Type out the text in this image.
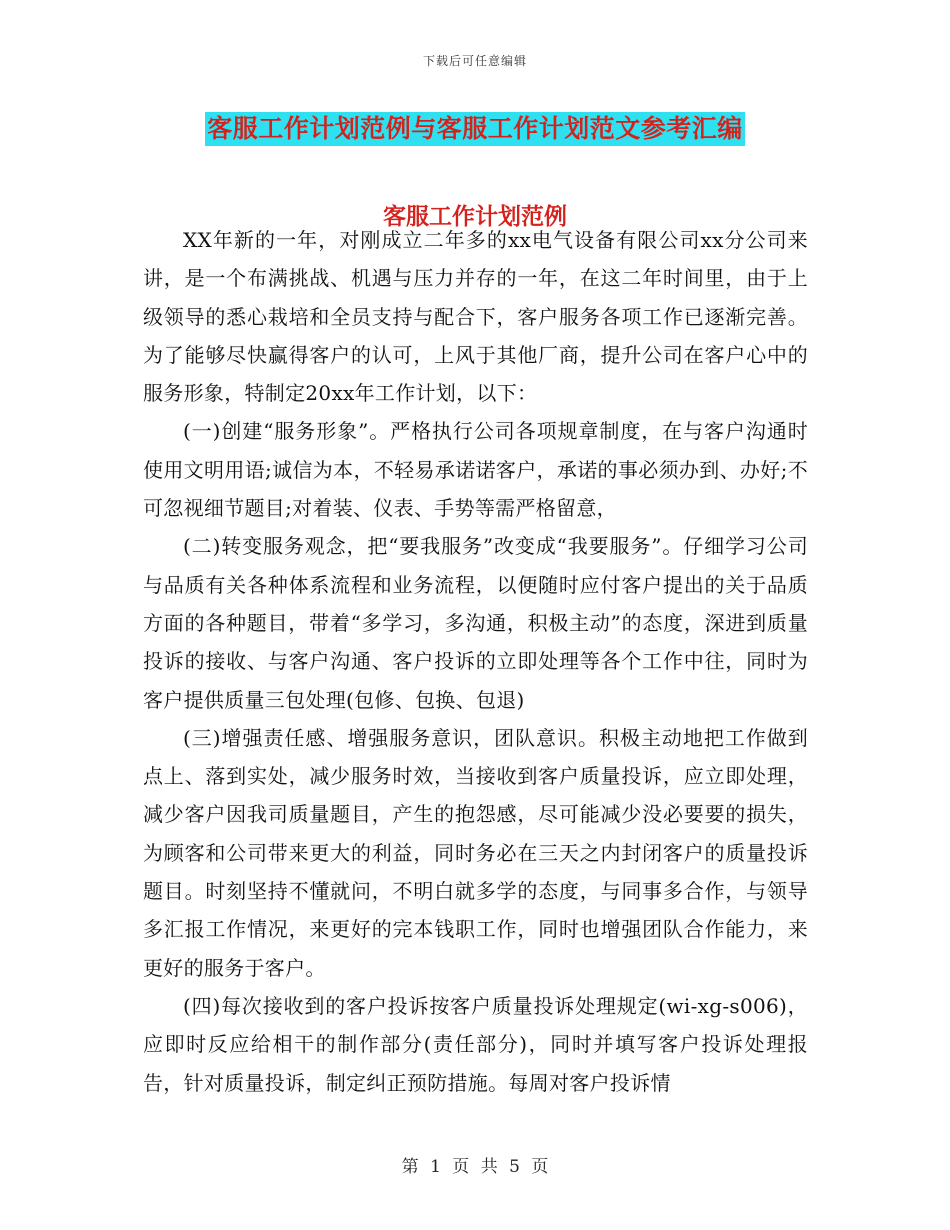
下载后可任意编辑
客服工作计划范例与客服工作计划范文参考汇编
客服工作计划范例

XX年新的一年，对刚成立二年多的xx电气设备有限公司xx分公司来讲，是一个布满挑战、机遇与压力并存的一年，在这二年时间里，由于上级领导的悉心栽培和全员支持与配合下，客户服务各项工作已逐渐完善。为了能够尽快赢得客户的认可，上风于其他厂商，提升公司在客户心中的服务形象，特制定20xx年工作计划，以下：

(一)创建“服务形象”。严格执行公司各项规章制度，在与客户沟通时使用文明用语;诚信为本，不轻易承诺诺客户，承诺的事必须办到、办好;不可忽视细节题目;对着装、仪表、手势等需严格留意，

(二)转变服务观念，把“要我服务”改变成“我要服务”。仔细学习公司与品质有关各种体系流程和业务流程，以便随时应付客户提出的关于品质方面的各种题目，带着“多学习，多沟通，积极主动”的态度，深进到质量投诉的接收、与客户沟通、客户投诉的立即处理等各个工作中往，同时为客户提供质量三包处理(包修、包换、包退)

(三)增强责任感、增强服务意识，团队意识。积极主动地把工作做到点上、落到实处，减少服务时效，当接收到客户质量投诉，应立即处理，减少客户因我司质量题目，产生的抱怨感，尽可能减少没必要要的损失，为顾客和公司带来更大的利益，同时务必在三天之内封闭客户的质量投诉题目。时刻坚持不懂就问，不明白就多学的态度，与同事多合作，与领导多汇报工作情况，来更好的完本钱职工作，同时也增强团队合作能力，来更好的服务于客户。

(四)每次接收到的客户投诉按客户质量投诉处理规定(wi-xg-s006)，应即时反应给相干的制作部分(责任部分)，同时并填写客户投诉处理报告，针对质量投诉，制定纠正预防措施。每周对客户投诉情

第 1 页 共 5 页
